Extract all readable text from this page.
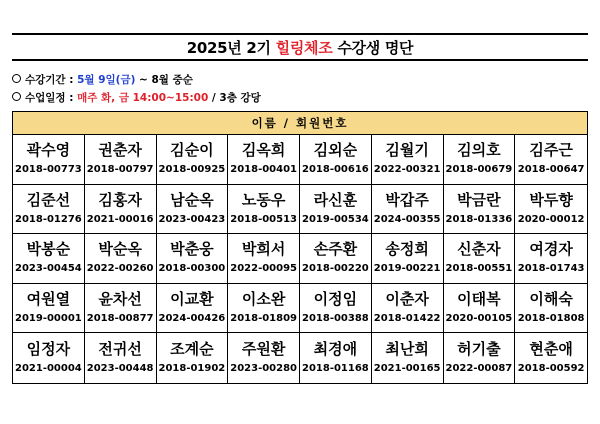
2025년 2기 힐링체조 수강생 명단
수강기간 : 5월 9일(금) ~ 8월 중순
수업일정 : 매주 화, 금 14:00~15:00 / 3층 강당
이름 / 회원번호
곽수영
2018-00773
권춘자
2018-00797
김순이
2018-00925
김옥희
2018-00401
김외순
2018-00616
김월기
2022-00321
김의호
2018-00679
김주근
2018-00647
김준선
2018-01276
김홍자
2021-00016
남순옥
2023-00423
노동우
2018-00513
라신훈
2019-00534
박갑주
2024-00355
박금란
2018-01336
박두향
2020-00012
박봉순
2023-00454
박순옥
2022-00260
박춘웅
2018-00300
박희서
2022-00095
손주환
2018-00220
송정희
2019-00221
신춘자
2018-00551
여경자
2018-01743
여원열
2019-00001
윤차선
2018-00877
이교환
2024-00426
이소완
2018-01809
이정임
2018-00388
이춘자
2018-01422
이태복
2020-00105
이해숙
2018-01808
임정자
2021-00004
전귀선
2023-00448
조계순
2018-01902
주원환
2023-00280
최경애
2018-01168
최난희
2021-00165
허기출
2022-00087
현춘애
2018-00592
